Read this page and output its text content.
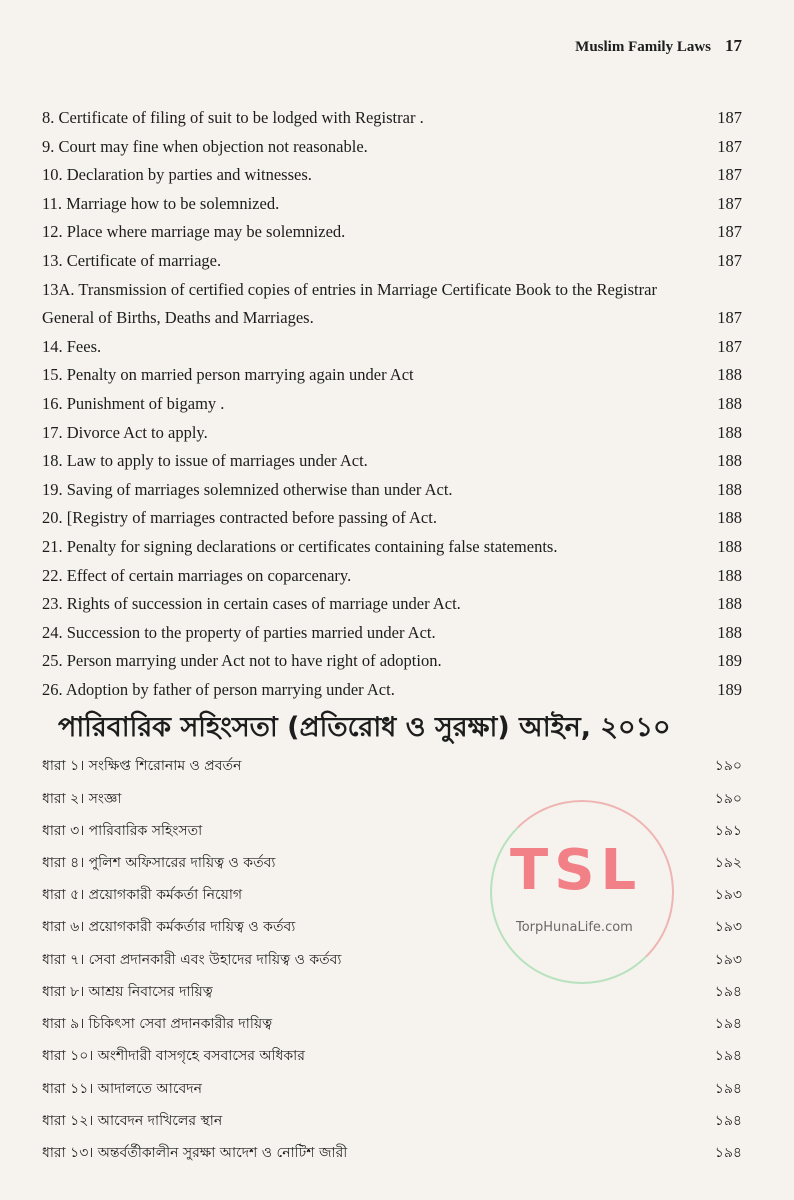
Muslim Family Laws 17
8. Certificate of filing of suit to be lodged with Registrar .	187
9. Court may fine when objection not reasonable.	187
10. Declaration by parties and witnesses.	187
11. Marriage how to be solemnized.	187
12. Place where marriage may be solemnized.	187
13. Certificate of marriage.	187
13A. Transmission of certified copies of entries in Marriage Certificate Book to the Registrar General of Births, Deaths and Marriages.	187
14. Fees.	187
15. Penalty on married person marrying again under Act	188
16. Punishment of bigamy .	188
17. Divorce Act to apply.	188
18. Law to apply to issue of marriages under Act.	188
19. Saving of marriages solemnized otherwise than under Act.	188
20. [Registry of marriages contracted before passing of Act.	188
21. Penalty for signing declarations or certificates containing false statements.	188
22. Effect of certain marriages on coparcenary.	188
23. Rights of succession in certain cases of marriage under Act.	188
24. Succession to the property of parties married under Act.	188
25. Person marrying under Act not to have right of adoption.	189
26. Adoption by father of person marrying under Act.	189
পারিবারিক সহিংসতা (প্রতিরোধ ও সুরক্ষা) আইন, ২০১০
ধারা ১। সংক্ষিপ্ত শিরোনাম ও প্রবর্তন	১৯০
ধারা ২। সংজ্ঞা	১৯০
ধারা ৩। পারিবারিক সহিংসতা	১৯১
ধারা ৪। পুলিশ অফিসারের দায়িত্ব ও কর্তব্য	১৯২
ধারা ৫। প্রয়োগকারী কর্মকর্তা নিয়োগ	১৯৩
ধারা ৬। প্রয়োগকারী কর্মকর্তার দায়িত্ব ও কর্তব্য	১৯৩
ধারা ৭। সেবা প্রদানকারী এবং উহাদের দায়িত্ব ও কর্তব্য	১৯৩
ধারা ৮। আশ্রয় নিবাসের দায়িত্ব	১৯৪
ধারা ৯। চিকিৎসা সেবা প্রদানকারীর দায়িত্ব	১৯৪
ধারা ১০। অংশীদারী বাসগৃহে বসবাসের অধিকার	১৯৪
ধারা ১১। আদালতে আবেদন	১৯৪
ধারা ১২। আবেদন দাখিলের স্থান	১৯৪
ধারা ১৩। অন্তর্বর্তীকালীন সুরক্ষা আদেশ ও নোটিশ জারী	১৯৪
TSL
TorpHunaLife.com
